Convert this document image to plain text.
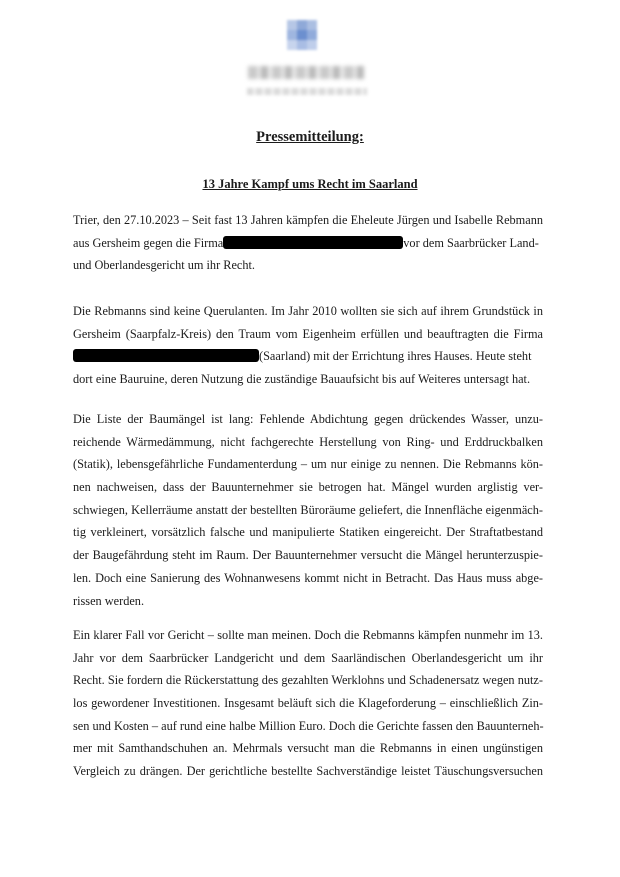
Pressemitteilung:
13 Jahre Kampf ums Recht im Saarland
Trier, den 27.10.2023 – Seit fast 13 Jahren kämpfen die Eheleute Jürgen und Isabelle Rebmann
aus Gersheim gegen die Firma	vor dem Saarbrücker Land-
und Oberlandesgericht um ihr Recht.
Die Rebmanns sind keine Querulanten. Im Jahr 2010 wollten sie sich auf ihrem Grundstück in
Gersheim (Saarpfalz-Kreis) den Traum vom Eigenheim erfüllen und beauftragten die Firma
(Saarland) mit der Errichtung ihres Hauses. Heute steht
dort eine Bauruine, deren Nutzung die zuständige Bauaufsicht bis auf Weiteres untersagt hat.
Die Liste der Baumängel ist lang: Fehlende Abdichtung gegen drückendes Wasser, unzu-
reichende Wärmedämmung, nicht fachgerechte Herstellung von Ring- und Erddruckbalken
(Statik), lebensgefährliche Fundamenterdung – um nur einige zu nennen. Die Rebmanns kön-
nen nachweisen, dass der Bauunternehmer sie betrogen hat. Mängel wurden arglistig ver-
schwiegen, Kellerräume anstatt der bestellten Büroräume geliefert, die Innenfläche eigenmäch-
tig verkleinert, vorsätzlich falsche und manipulierte Statiken eingereicht. Der Straftatbestand
der Baugefährdung steht im Raum. Der Bauunternehmer versucht die Mängel herunterzuspie-
len. Doch eine Sanierung des Wohnanwesens kommt nicht in Betracht. Das Haus muss abge-
rissen werden.
Ein klarer Fall vor Gericht – sollte man meinen. Doch die Rebmanns kämpfen nunmehr im 13.
Jahr vor dem Saarbrücker Landgericht und dem Saarländischen Oberlandesgericht um ihr
Recht. Sie fordern die Rückerstattung des gezahlten Werklohns und Schadenersatz wegen nutz-
los gewordener Investitionen. Insgesamt beläuft sich die Klageforderung – einschließlich Zin-
sen und Kosten – auf rund eine halbe Million Euro. Doch die Gerichte fassen den Bauunterneh-
mer mit Samthandschuhen an. Mehrmals versucht man die Rebmanns in einen ungünstigen
Vergleich zu drängen. Der gerichtliche bestellte Sachverständige leistet Täuschungsversuchen
